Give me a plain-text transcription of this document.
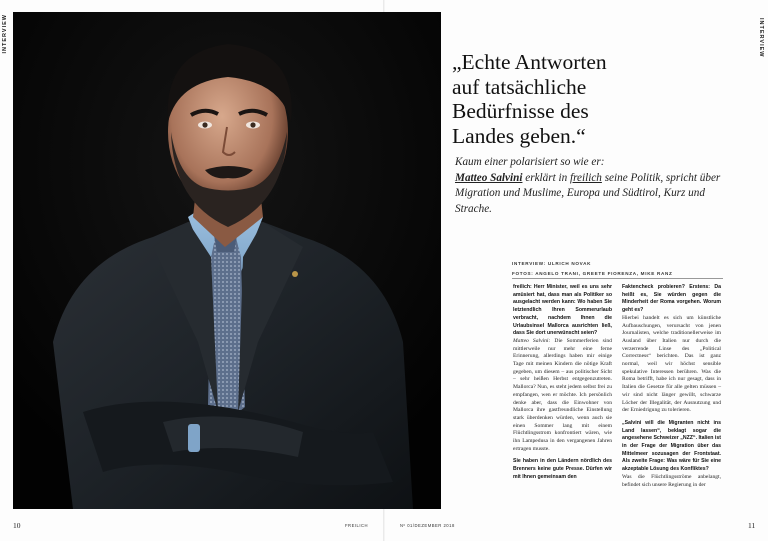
INTERVIEW	INTERVIEW
„Echte Antworten
auf tatsächliche
Bedürfnisse des
Landes geben.“
Kaum einer polarisiert so wie er:
Matteo Salvini erklärt in freilich seine Politik, spricht über Migration und Muslime, Europa und Südtirol, Kurz und Strache.
INTERVIEW: ULRICH NOVAK
FOTOS: ANGELO TRANI, GREETE FIORENZA, MIKE RANZ

freilich: Herr Minister, weil es uns sehr amüsiert hat, dass man als Politiker so ausgelacht werden kann: Wo haben Sie letztendlich Ihren Sommerurlaub verbracht, nachdem Ihnen die Urlaubsinsel Mallorca ausrichten ließ, dass Sie dort unerwünscht seien?

Matteo Salvini: Die Sommerferien sind mittlerweile nur mehr eine ferne Erinnerung, allerdings haben mir einige Tage mit meinen Kindern die nötige Kraft gegeben, um diesem – aus politischer Sicht – sehr heißen Herbst entgegenzutreten. Mallorca? Nun, es steht jedem selbst frei zu empfangen, wen er möchte. Ich persönlich denke aber, dass die Einwohner von Mallorca ihre gastfreundliche Einstellung stark überdenken würden, wenn auch sie einen Sommer lang mit einem Flüchtlingsstrom konfrontiert wären, wie ihn Lampedusa in den vergangenen Jahren ertragen musste.

Sie haben in den Ländern nördlich des Brenners keine gute Presse. Dürfen wir mit Ihnen gemeinsam den

Faktencheck probieren? Erstens: Da heißt es, Sie würden gegen die Minderheit der Roma vorgehen. Worum geht es?

Hierbei handelt es sich um künstliche Aufbauschungen, verursacht von jenen Journalisten, welche traditionellerweise im Ausland über Italien nur durch die verzerrende Linse des „Political Correctness“ berichten. Das ist ganz normal, weil wir höchst sensible spekulative Interessen berühren. Was die Roma betrifft, habe ich nur gesagt, dass in Italien die Gesetze für alle gelten müssen – wir sind nicht länger gewillt, schwarze Löcher der Illegalität, der Ausnutzung und der Erniedrigung zu tolerieren.

„Salvini will die Migranten nicht ins Land lassen“, beklagt sogar die angesehene Schweizer „NZZ“. Italien ist in der Frage der Migration über das Mittelmeer sozusagen der Frontstaat. Als zweite Frage: Was wäre für Sie eine akzeptable Lösung des Konfliktes?

Was die Flüchtlingsströme anbelangt, befindet sich unsere Regierung in der

10	FREILICH	Nº 01/DEZEMBER 2018	11
